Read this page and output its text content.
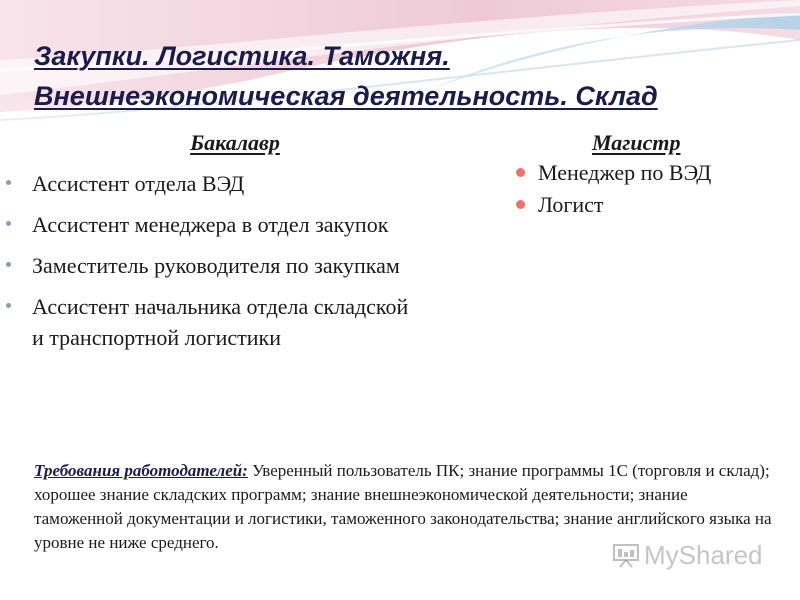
Закупки. Логистика. Таможня.
Внешнеэкономическая деятельность. Склад
Бакалавр
Ассистент отдела ВЭД
Ассистент менеджера в отдел закупок
Заместитель руководителя по закупкам
Ассистент начальника отдела складской и транспортной логистики
Магистр
Менеджер по ВЭД
Логист
Требования работодателей: Уверенный пользователь ПК; знание программы 1С (торговля и склад); хорошее знание складских программ; знание внешнеэкономической деятельности; знание таможенной документации и логистики, таможенного законодательства; знание английского языка на уровне не ниже среднего.	MyShared
